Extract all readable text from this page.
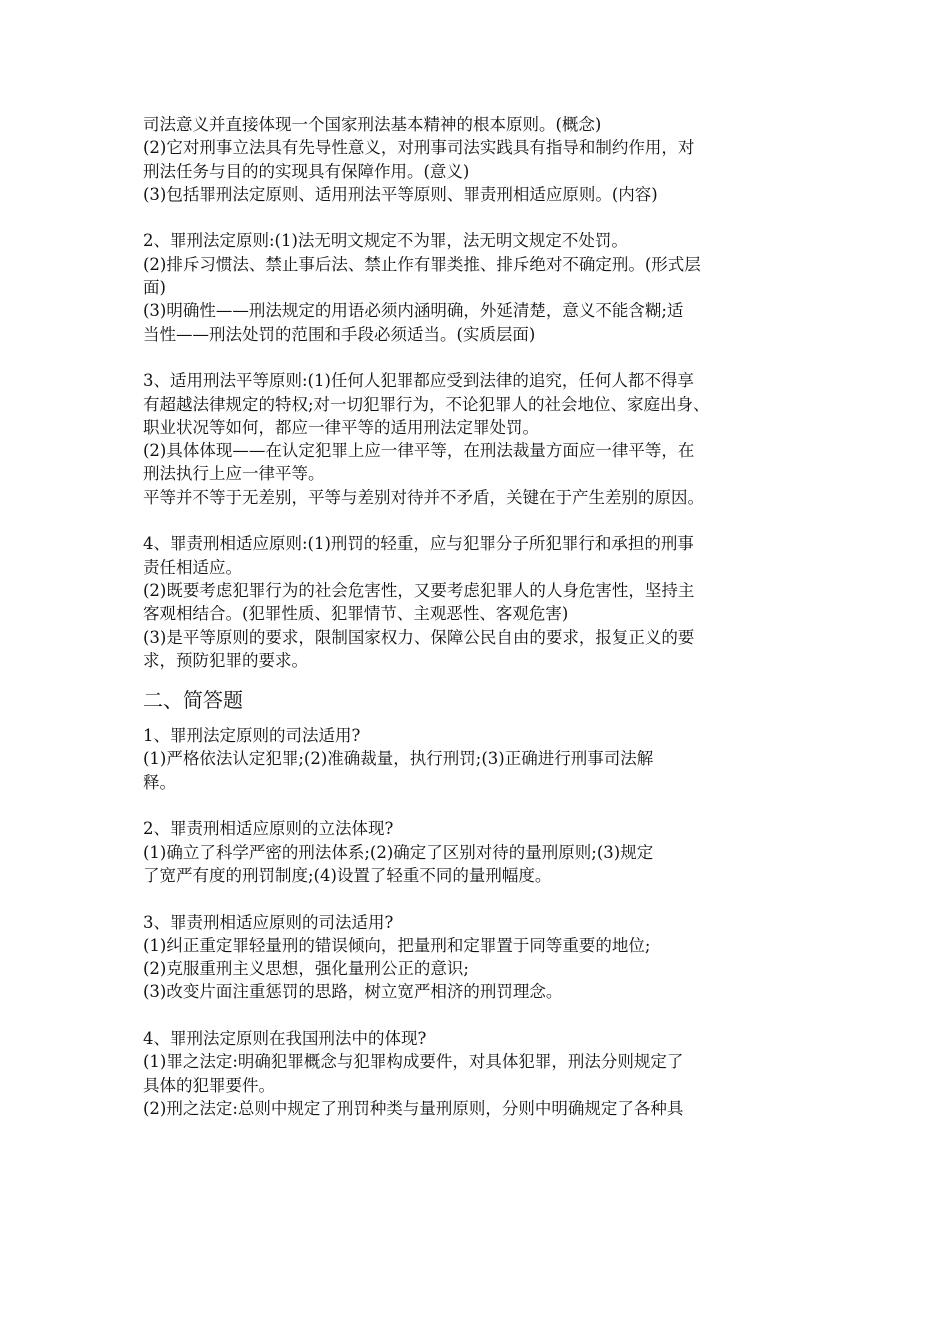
司法意义并直接体现一个国家刑法基本精神的根本原则。(概念)
(2)它对刑事立法具有先导性意义，对刑事司法实践具有指导和制约作用，对
刑法任务与目的的实现具有保障作用。(意义)
(3)包括罪刑法定原则、适用刑法平等原则、罪责刑相适应原则。(内容)
2、罪刑法定原则:(1)法无明文规定不为罪，法无明文规定不处罚。
(2)排斥习惯法、禁止事后法、禁止作有罪类推、排斥绝对不确定刑。(形式层
面)
(3)明确性——刑法规定的用语必须内涵明确，外延清楚，意义不能含糊;适
当性——刑法处罚的范围和手段必须适当。(实质层面)
3、适用刑法平等原则:(1)任何人犯罪都应受到法律的追究，任何人都不得享
有超越法律规定的特权;对一切犯罪行为，不论犯罪人的社会地位、家庭出身、
职业状况等如何，都应一律平等的适用刑法定罪处罚。
(2)具体体现——在认定犯罪上应一律平等，在刑法裁量方面应一律平等，在
刑法执行上应一律平等。
平等并不等于无差别，平等与差别对待并不矛盾，关键在于产生差别的原因。
4、罪责刑相适应原则:(1)刑罚的轻重，应与犯罪分子所犯罪行和承担的刑事
责任相适应。
(2)既要考虑犯罪行为的社会危害性，又要考虑犯罪人的人身危害性，坚持主
客观相结合。(犯罪性质、犯罪情节、主观恶性、客观危害)
(3)是平等原则的要求，限制国家权力、保障公民自由的要求，报复正义的要
求，预防犯罪的要求。
二、简答题
1、罪刑法定原则的司法适用?
(1)严格依法认定犯罪;(2)准确裁量，执行刑罚;(3)正确进行刑事司法解
释。
2、罪责刑相适应原则的立法体现?
(1)确立了科学严密的刑法体系;(2)确定了区别对待的量刑原则;(3)规定
了宽严有度的刑罚制度;(4)设置了轻重不同的量刑幅度。
3、罪责刑相适应原则的司法适用?
(1)纠正重定罪轻量刑的错误倾向，把量刑和定罪置于同等重要的地位;
(2)克服重刑主义思想，强化量刑公正的意识;
(3)改变片面注重惩罚的思路，树立宽严相济的刑罚理念。
4、罪刑法定原则在我国刑法中的体现?
(1)罪之法定:明确犯罪概念与犯罪构成要件，对具体犯罪，刑法分则规定了
具体的犯罪要件。
(2)刑之法定:总则中规定了刑罚种类与量刑原则，分则中明确规定了各种具
